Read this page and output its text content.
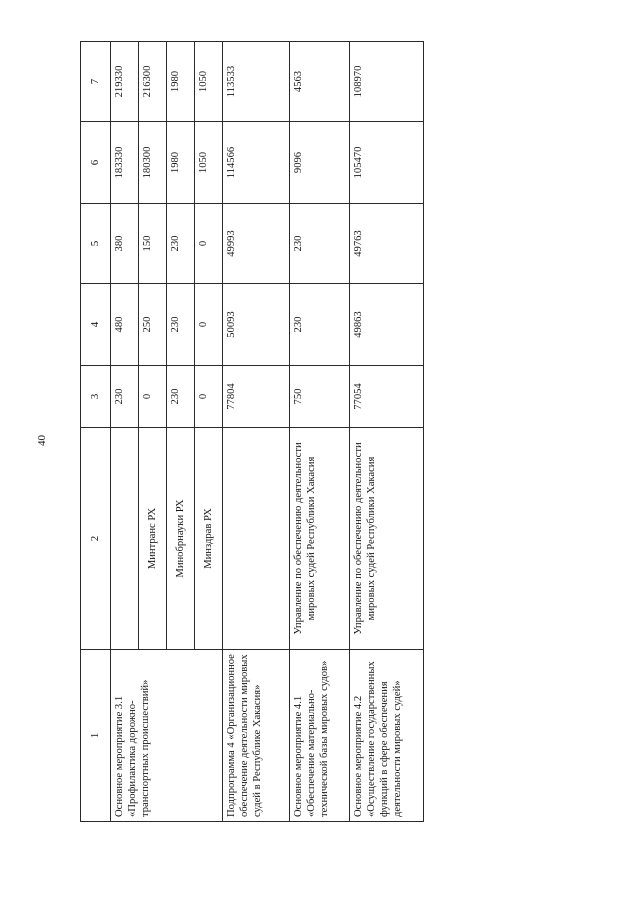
40
1	2	3	4	5	6	7
Основное мероприятие 3.1 «Профилактика дорожно-транспортных происшествий»		230	480	380	183330	219330
	Минтранс РХ	0	250	150	180300	216300
	Минобрнауки РХ	230	230	230	1980	1980
	Минздрав РХ	0	0	0	1050	1050
Подпрограмма 4 «Организационное обеспечение деятельности мировых судей в Республике Хакасия»		77804	50093	49993	114566	113533
Основное мероприятие 4.1 «Обеспечение материально-технической базы мировых судов»	Управление по обеспечению деятельности мировых судей Республики Хакасия	750	230	230	9096	4563
Основное мероприятие 4.2 «Осуществление государственных функций в сфере обеспечения деятельности мировых судей»	Управление по обеспечению деятельности мировых судей Республики Хакасия	77054	49863	49763	105470	108970
